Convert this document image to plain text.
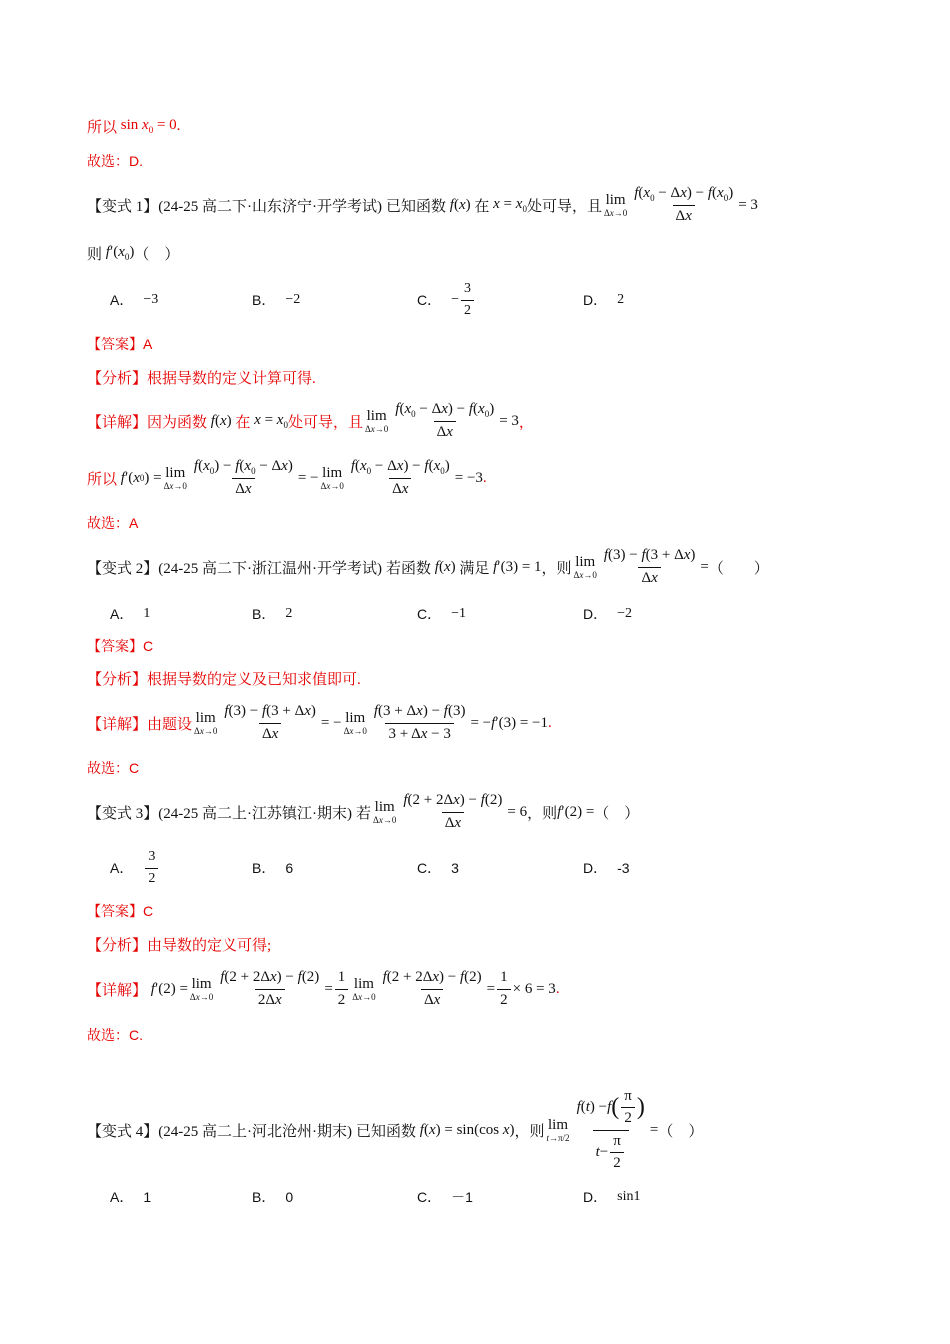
所以 $\sin x_0 = 0$ .
故选：D.
【变式 1】 (24-25 高二下·山东济宁·开学考试) 已知函数 f(x) 在 $x = x_0$ 处可导，且 lim
$\Delta x\to 0 \frac{f(x_0 - \Delta x) - f(x_0)}{\Delta x} = 3$
则 $f'(x_0)$ （　）
A． −3	B． −2	C． − $\frac{3}{2}$	D． 2
【答案】A
【分析】 根据导数的定义计算可得.
【详解】 因为函数 f(x) 在 $x = x_0$ 处可导，且 lim
$\Delta x\to 0 \frac{f(x_0 - \Delta x) - f(x_0)}{\Delta x} = 3$ ，
所以
f ′( x 0 ) = lim
$\Delta x\to 0 \frac{f(x_0) - f(x_0 - \Delta x)}{\Delta x}$ = − lim
$\Delta x\to 0 \frac{f(x_0 - \Delta x) - f(x_0)}{\Delta x} = -3$ .
故选：A
【变式 2】 (24-25 高二下·浙江温州·开学考试) 若函数 f(x) 满足 f′(3) = 1 ，则 lim
$\Delta x\to 0 \frac{f(3) - f(3 + \Delta x)}{\Delta x}$ = （　　）
A． 1	B． 2	C． −1	D． −2
【答案】C
【分析】 根据导数的定义及已知求值即可.
【详解】 由题设 lim
$\Delta x\to 0 \frac{f(3) - f(3 + \Delta x)}{\Delta x}$ = − lim
$\Delta x\to 0 \frac{f(3 + \Delta x) - f(3)}{3 + \Delta x - 3}$ = − f ′(3) = −1 .
故选：C
【变式 3】 (24-25 高二上·江苏镇江·期末) 若 lim
$\Delta x\to 0 \frac{f(2 + 2\Delta x) - f(2)}{\Delta x} = 6$ ，则 f′(2) = （　）
A． $\frac{3}{2}$	B． 6	C． 3	D． -3
【答案】C
【分析】 由导数的定义可得;
【详解】
f ′(2) = lim
$\Delta x\to 0 \frac{f(2 + 2\Delta x) - f(2)}{2\Delta x} = \frac{1}{2}$ lim
$\Delta x\to 0 \frac{f(2 + 2\Delta x) - f(2)}{\Delta x} = \frac{1}{2} \times 6 = 3$ .
故选：C.
【变式 4】 (24-25 高二上·河北沧州·期末) 已知函数 f(x) = sin(cos x) ，则 lim
$t\to\pi/2 \frac{f ( t ) - f ( \frac{\pi}{2} )}{t - \frac{\pi}{2}}$ = （　）
A． 1	B． 0	C． －1	D． sin1
